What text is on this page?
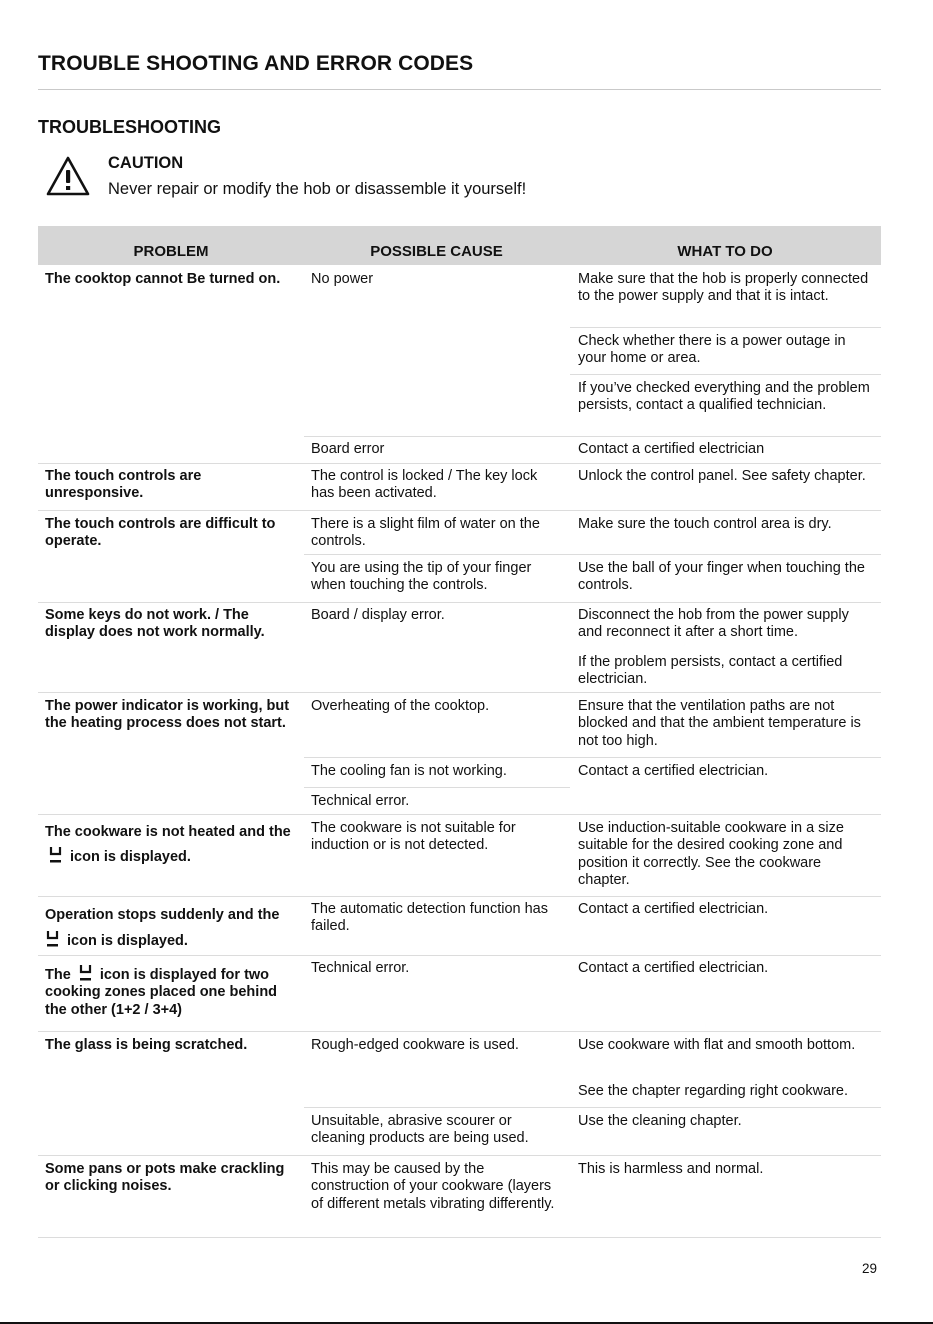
TROUBLE SHOOTING AND ERROR CODES
TROUBLESHOOTING
CAUTION
Never repair or modify the hob or disassemble it yourself!
PROBLEM	POSSIBLE CAUSE	WHAT TO DO
The cooktop cannot Be turned on.
The touch controls are unresponsive.
The touch controls are difficult to operate.
Some keys do not work. / The display does not work normally.
The power indicator is working, but the heating process does not start.
The cookware is not heated and the  icon is displayed.
Operation stops suddenly and the
icon is displayed.
The icon is displayed for two cooking zones placed one behind the other (1+2 / 3+4)
The glass is being scratched.
Some pans or pots make crackling or clicking noises.
No power
Board error
The control is locked / The key lock has been activated.
There is a slight film of water on the controls.
You are using the tip of your finger when touching the controls.
Board / display error.
Overheating of the cooktop.
The cooling fan is not working.
Technical error.
The cookware is not suitable for induction or is not detected.
The automatic detection function has failed.
Technical error.
Rough-edged cookware is used.
Unsuitable, abrasive scourer or cleaning products are being used.
This may be caused by the construction of your cookware (layers of different metals vibrating differently.
Make sure that the hob is properly connected to the power supply and that it is intact.
Check whether there is a power outage in your home or area.
If you’ve checked everything and the problem persists, contact a qualified technician.
Contact a certified electrician
Unlock the control panel. See safety chapter.
Make sure the touch control area is dry.
Use the ball of your finger when touching the controls.
Disconnect the hob from the power supply and reconnect it after a short time.
If the problem persists, contact a certified electrician.
Ensure that the ventilation paths are not blocked and that the ambient temperature is not too high.
Contact a certified electrician.
Use induction-suitable cookware in a size suitable for the desired cooking zone and position it correctly. See the cookware chapter.
Contact a certified electrician.
Contact a certified electrician.
Use cookware with flat and smooth bottom.
See the chapter regarding right cookware.
Use the cleaning chapter.
This is harmless and normal.
29
